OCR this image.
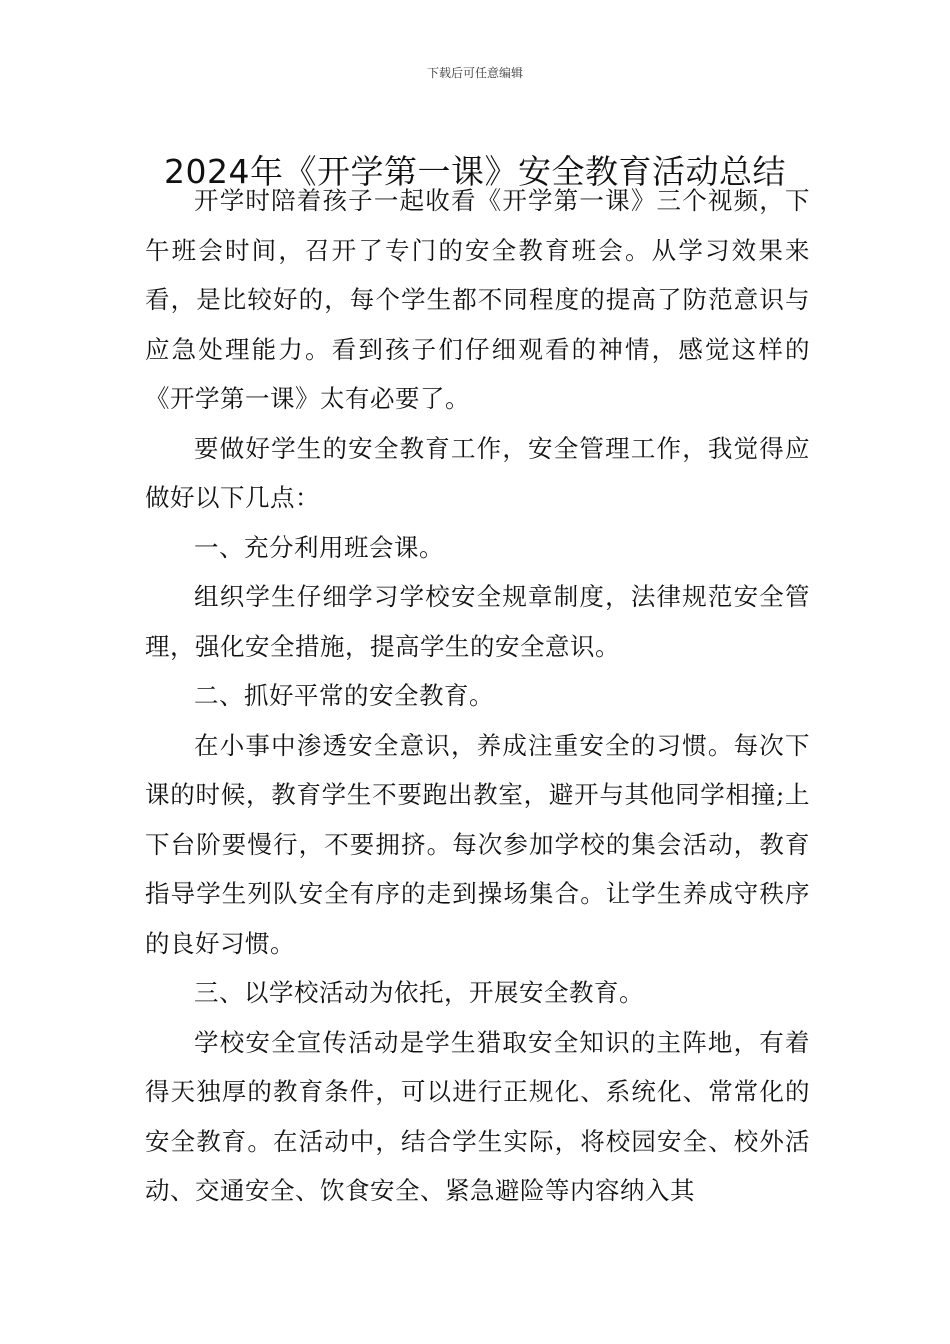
下载后可任意编辑
2024年《开学第一课》安全教育活动总结

开学时陪着孩子一起收看《开学第一课》三个视频，下午班会时间，召开了专门的安全教育班会。从学习效果来看，是比较好的，每个学生都不同程度的提高了防范意识与应急处理能力。看到孩子们仔细观看的神情，感觉这样的《开学第一课》太有必要了。

要做好学生的安全教育工作，安全管理工作，我觉得应做好以下几点：

一、充分利用班会课。

组织学生仔细学习学校安全规章制度，法律规范安全管理，强化安全措施，提高学生的安全意识。

二、抓好平常的安全教育。

在小事中渗透安全意识，养成注重安全的习惯。每次下课的时候，教育学生不要跑出教室，避开与其他同学相撞;上下台阶要慢行，不要拥挤。每次参加学校的集会活动，教育指导学生列队安全有序的走到操场集合。让学生养成守秩序的良好习惯。

三、以学校活动为依托，开展安全教育。

学校安全宣传活动是学生猎取安全知识的主阵地，有着得天独厚的教育条件，可以进行正规化、系统化、常常化的安全教育。在活动中，结合学生实际，将校园安全、校外活动、交通安全、饮食安全、紧急避险等内容纳入其
